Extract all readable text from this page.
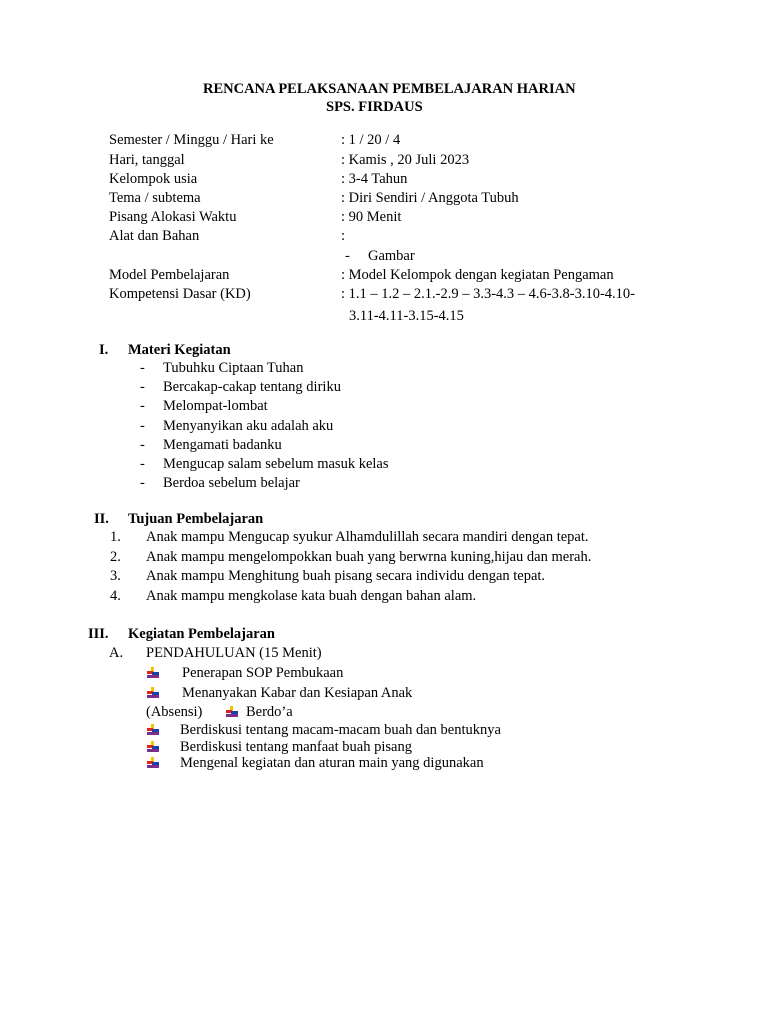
RENCANA PELAKSANAAN PEMBELAJARAN HARIAN
SPS. FIRDAUS
Semester / Minggu / Hari ke	: 1 / 20 / 4
Hari, tanggal	: Kamis , 20 Juli 2023
Kelompok usia	: 3-4 Tahun
Tema / subtema	: Diri Sendiri / Anggota Tubuh
Pisang Alokasi Waktu	: 90 Menit
Alat dan Bahan	:
- Gambar
Model Pembelajaran	: Model Kelompok dengan kegiatan Pengaman
Kompetensi Dasar (KD)	: 1.1 – 1.2 – 2.1.-2.9 – 3.3-4.3 – 4.6-3.8-3.10-4.10-
3.11-4.11-3.15-4.15
I. Materi Kegiatan
- Tubuhku Ciptaan Tuhan
- Bercakap-cakap tentang diriku
- Melompat-lombat
- Menyanyikan aku adalah aku
- Mengamati badanku
- Mengucap salam sebelum masuk kelas
- Berdoa sebelum belajar
II. Tujuan Pembelajaran
1. Anak mampu Mengucap syukur Alhamdulillah secara mandiri dengan tepat.
2. Anak mampu mengelompokkan buah yang berwrna kuning,hijau dan merah.
3. Anak mampu Menghitung buah pisang secara individu dengan tepat.
4. Anak mampu mengkolase kata buah dengan bahan alam.
III. Kegiatan Pembelajaran
A. PENDAHULUAN (15 Menit)
Penerapan SOP Pembukaan
Menanyakan Kabar dan Kesiapan Anak
Berdiskusi tentang macam-macam buah dan bentuknya
Berdiskusi tentang manfaat buah pisang
Mengenal kegiatan dan aturan main yang digunakan
(Absensi)	Berdo’a
